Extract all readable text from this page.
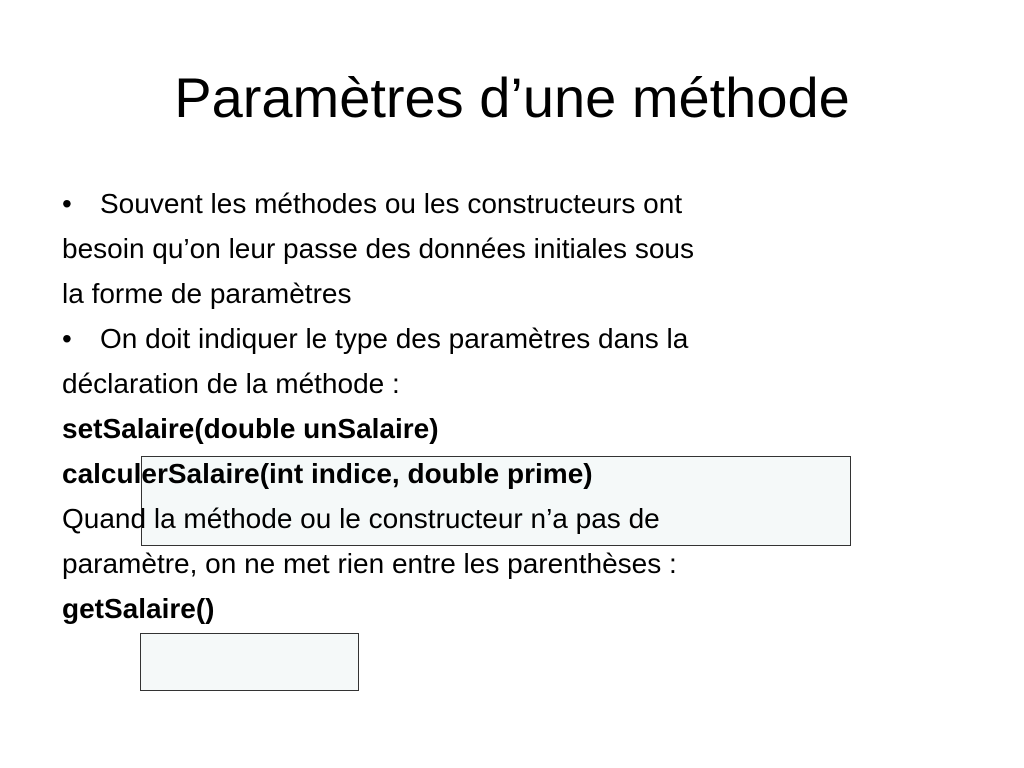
Paramètres d’une méthode
• Souvent les méthodes ou les constructeurs ont
besoin qu’on leur passe des données initiales sous
la forme de paramètres
• On doit indiquer le type des paramètres dans la
déclaration de la méthode :
setSalaire(double unSalaire)
calculerSalaire(int indice, double prime)
Quand la méthode ou le constructeur n’a pas de
paramètre, on ne met rien entre les parenthèses :
getSalaire()
